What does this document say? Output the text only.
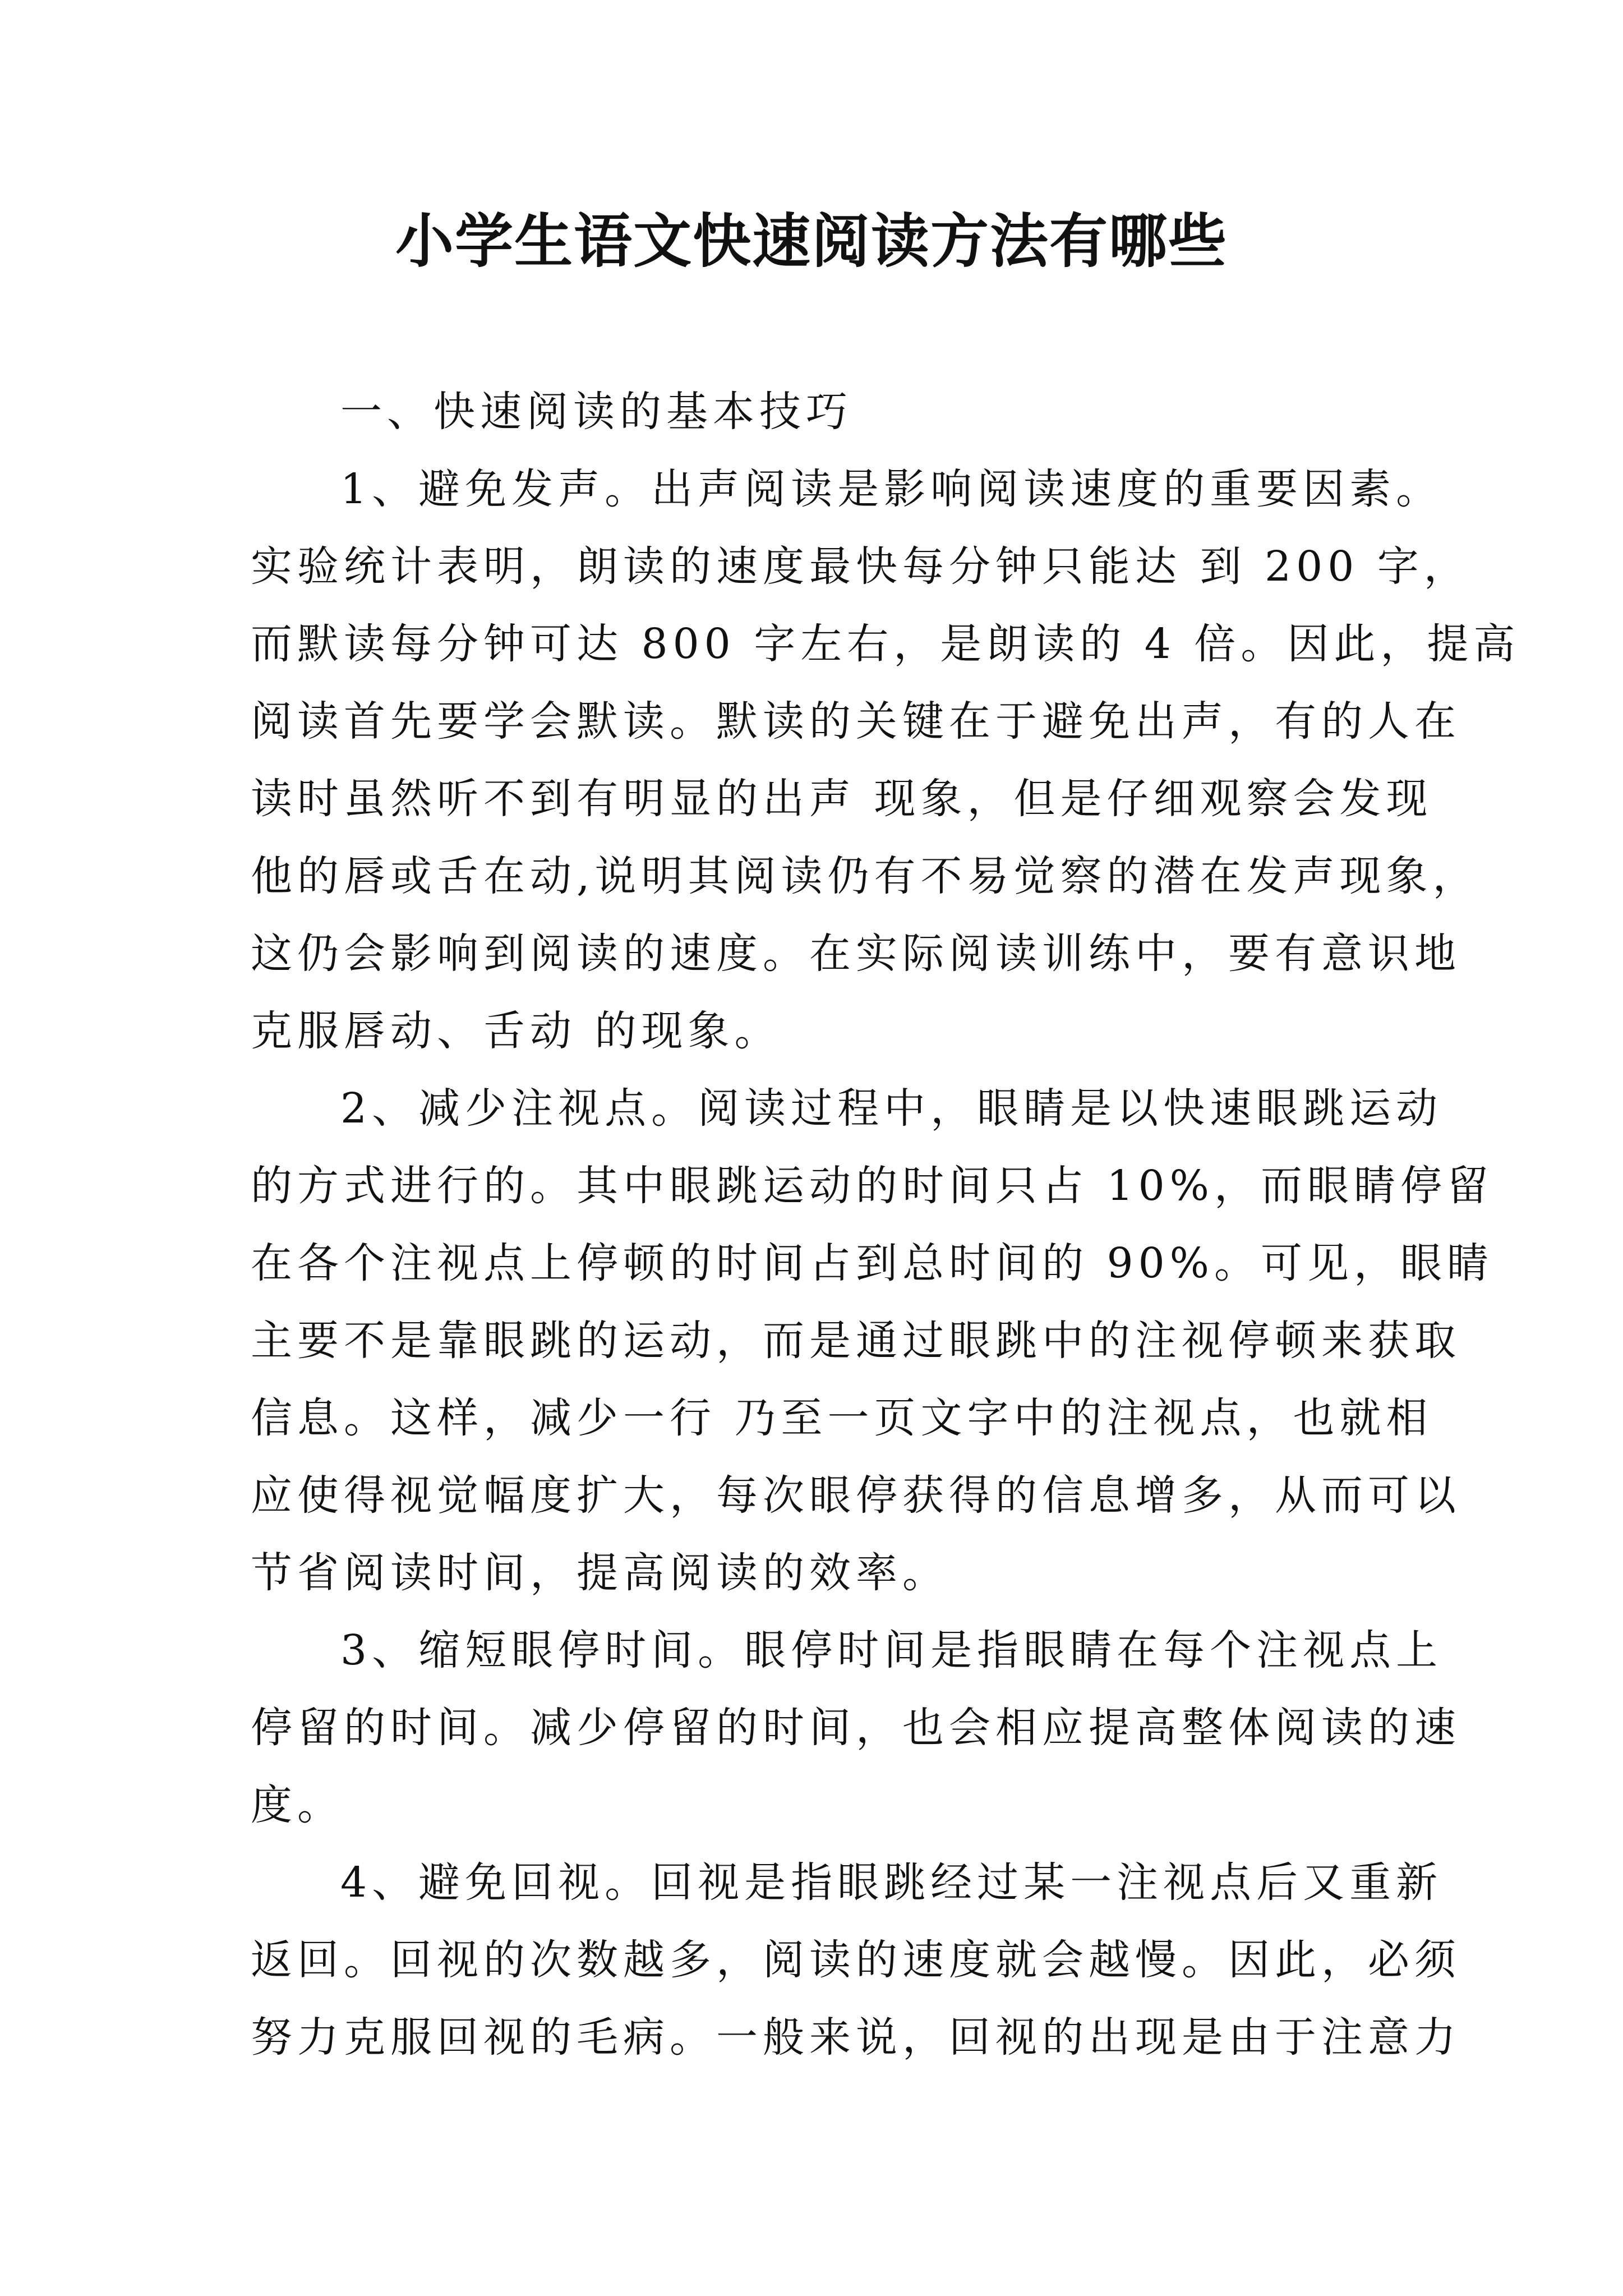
小学生语文快速阅读方法有哪些
一、快速阅读的基本技巧
1、避免发声。出声阅读是影响阅读速度的重要因素。
实验统计表明，朗读的速度最快每分钟只能达 到 200 字，
而默读每分钟可达 800 字左右，是朗读的 4 倍。因此，提高
阅读首先要学会默读。默读的关键在于避免出声，有的人在
读时虽然听不到有明显的出声 现象，但是仔细观察会发现
他的唇或舌在动,说明其阅读仍有不易觉察的潜在发声现象，
这仍会影响到阅读的速度。在实际阅读训练中，要有意识地
克服唇动、舌动 的现象。
2、减少注视点。阅读过程中，眼睛是以快速眼跳运动
的方式进行的。其中眼跳运动的时间只占 10%，而眼睛停留
在各个注视点上停顿的时间占到总时间的 90%。可见，眼睛
主要不是靠眼跳的运动，而是通过眼跳中的注视停顿来获取
信息。这样，减少一行 乃至一页文字中的注视点，也就相
应使得视觉幅度扩大，每次眼停获得的信息增多，从而可以
节省阅读时间，提高阅读的效率。
3、缩短眼停时间。眼停时间是指眼睛在每个注视点上
停留的时间。减少停留的时间，也会相应提高整体阅读的速
度。
4、避免回视。回视是指眼跳经过某一注视点后又重新
返回。回视的次数越多，阅读的速度就会越慢。因此，必须
努力克服回视的毛病。一般来说，回视的出现是由于注意力
